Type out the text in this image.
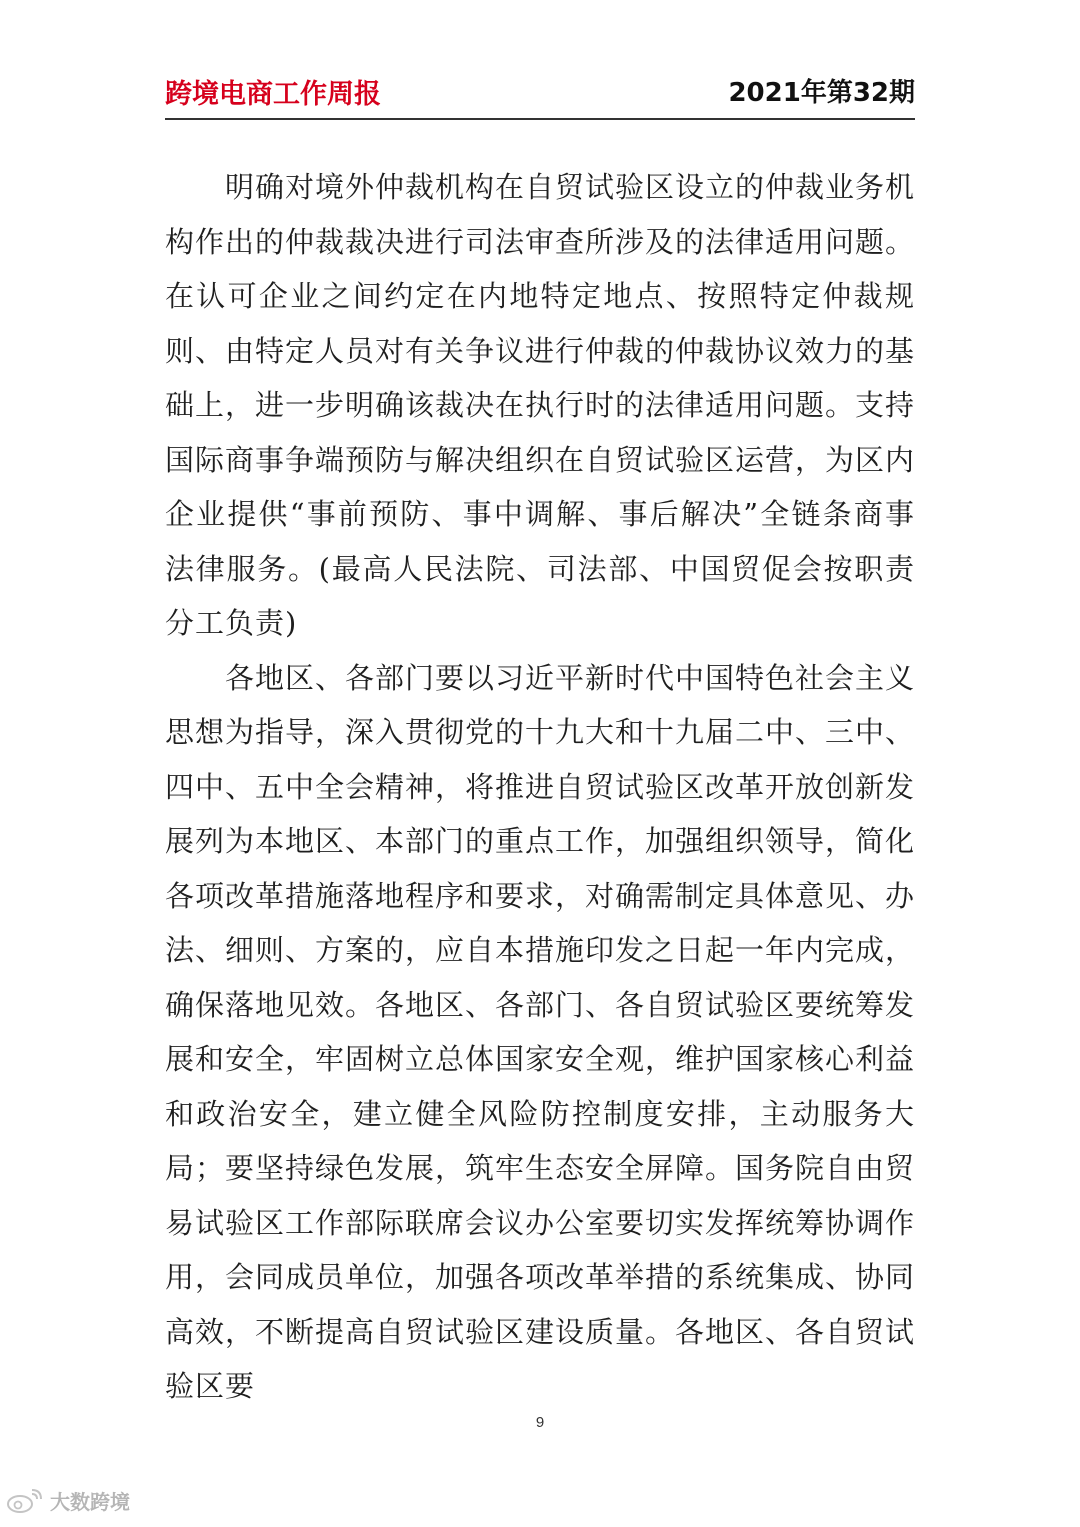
跨境电商工作周报	2021年第32期

明确对境外仲裁机构在自贸试验区设立的仲裁业务机构作出的仲裁裁决进行司法审查所涉及的法律适用问题。在认可企业之间约定在内地特定地点、按照特定仲裁规则、由特定人员对有关争议进行仲裁的仲裁协议效力的基础上，进一步明确该裁决在执行时的法律适用问题。支持国际商事争端预防与解决组织在自贸试验区运营，为区内企业提供“事前预防、事中调解、事后解决”全链条商事法律服务。(最高人民法院、司法部、中国贸促会按职责分工负责)

各地区、各部门要以习近平新时代中国特色社会主义思想为指导，深入贯彻党的十九大和十九届二中、三中、四中、五中全会精神，将推进自贸试验区改革开放创新发展列为本地区、本部门的重点工作，加强组织领导，简化各项改革措施落地程序和要求，对确需制定具体意见、办法、细则、方案的，应自本措施印发之日起一年内完成，确保落地见效。各地区、各部门、各自贸试验区要统筹发展和安全，牢固树立总体国家安全观，维护国家核心利益和政治安全，建立健全风险防控制度安排，主动服务大局；要坚持绿色发展，筑牢生态安全屏障。国务院自由贸易试验区工作部际联席会议办公室要切实发挥统筹协调作用，会同成员单位，加强各项改革举措的系统集成、协同高效，不断提高自贸试验区建设质量。各地区、各自贸试验区要

9
大数跨境
